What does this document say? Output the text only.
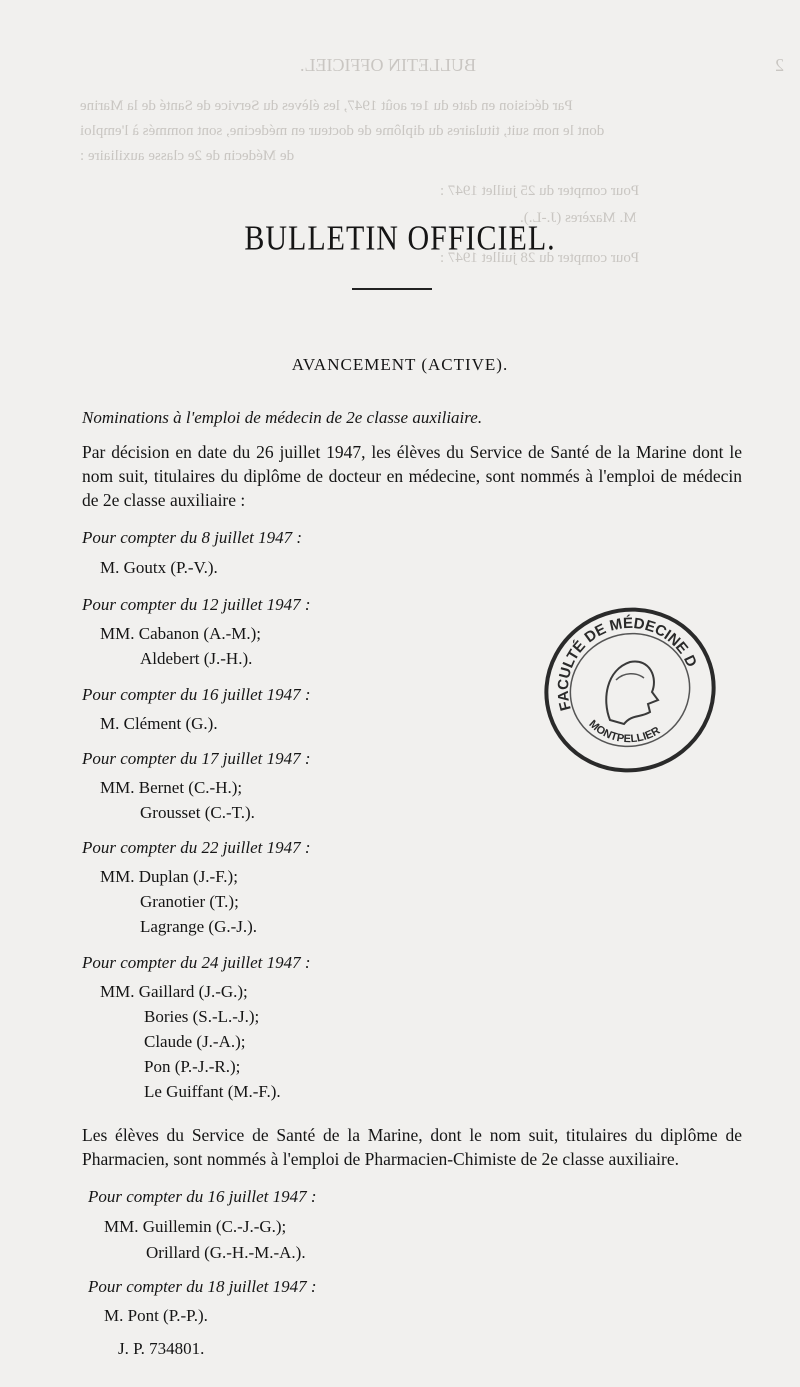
BULLETIN OFFICIEL.	2
Par décision en date du 1er août 1947, les élèves du Service de Santé de la Marine
dont le nom suit, titulaires du diplôme de docteur en médecine, sont nommés à l'emploi
de Médecin de 2e classe auxiliaire :
Pour compter du 25 juillet 1947 :
M. Mazères (J.-L.).
Pour compter du 28 juillet 1947 :
BULLETIN OFFICIEL.
AVANCEMENT (ACTIVE).
Nominations à l'emploi de médecin de 2e classe auxiliaire.
Par décision en date du 26 juillet 1947, les élèves du Service de Santé de la Marine dont le nom suit, titulaires du diplôme de docteur en médecine, sont nommés à l'emploi de médecin de 2e classe auxiliaire :
Pour compter du 8 juillet 1947 :
M. Goutx (P.-V.).
Pour compter du 12 juillet 1947 :
MM. Cabanon (A.-M.);
Aldebert (J.-H.).
Pour compter du 16 juillet 1947 :
M. Clément (G.).
Pour compter du 17 juillet 1947 :
MM. Bernet (C.-H.);
Grousset (C.-T.).
Pour compter du 22 juillet 1947 :
MM. Duplan (J.-F.);
Granotier (T.);
Lagrange (G.-J.).
Pour compter du 24 juillet 1947 :
MM. Gaillard (J.-G.);
Bories (S.-L.-J.);
Claude (J.-A.);
Pon (P.-J.-R.);
Le Guiffant (M.-F.).
Les élèves du Service de Santé de la Marine, dont le nom suit, titulaires du diplôme de Pharmacien, sont nommés à l'emploi de Pharmacien-Chimiste de 2e classe auxiliaire.
Pour compter du 16 juillet 1947 :
MM. Guillemin (C.-J.-G.);
Orillard (G.-H.-M.-A.).
Pour compter du 18 juillet 1947 :
M. Pont (P.-P.).
J. P. 734801.
FACULTÉ DE MÉDECINE DE
MONTPELLIER
